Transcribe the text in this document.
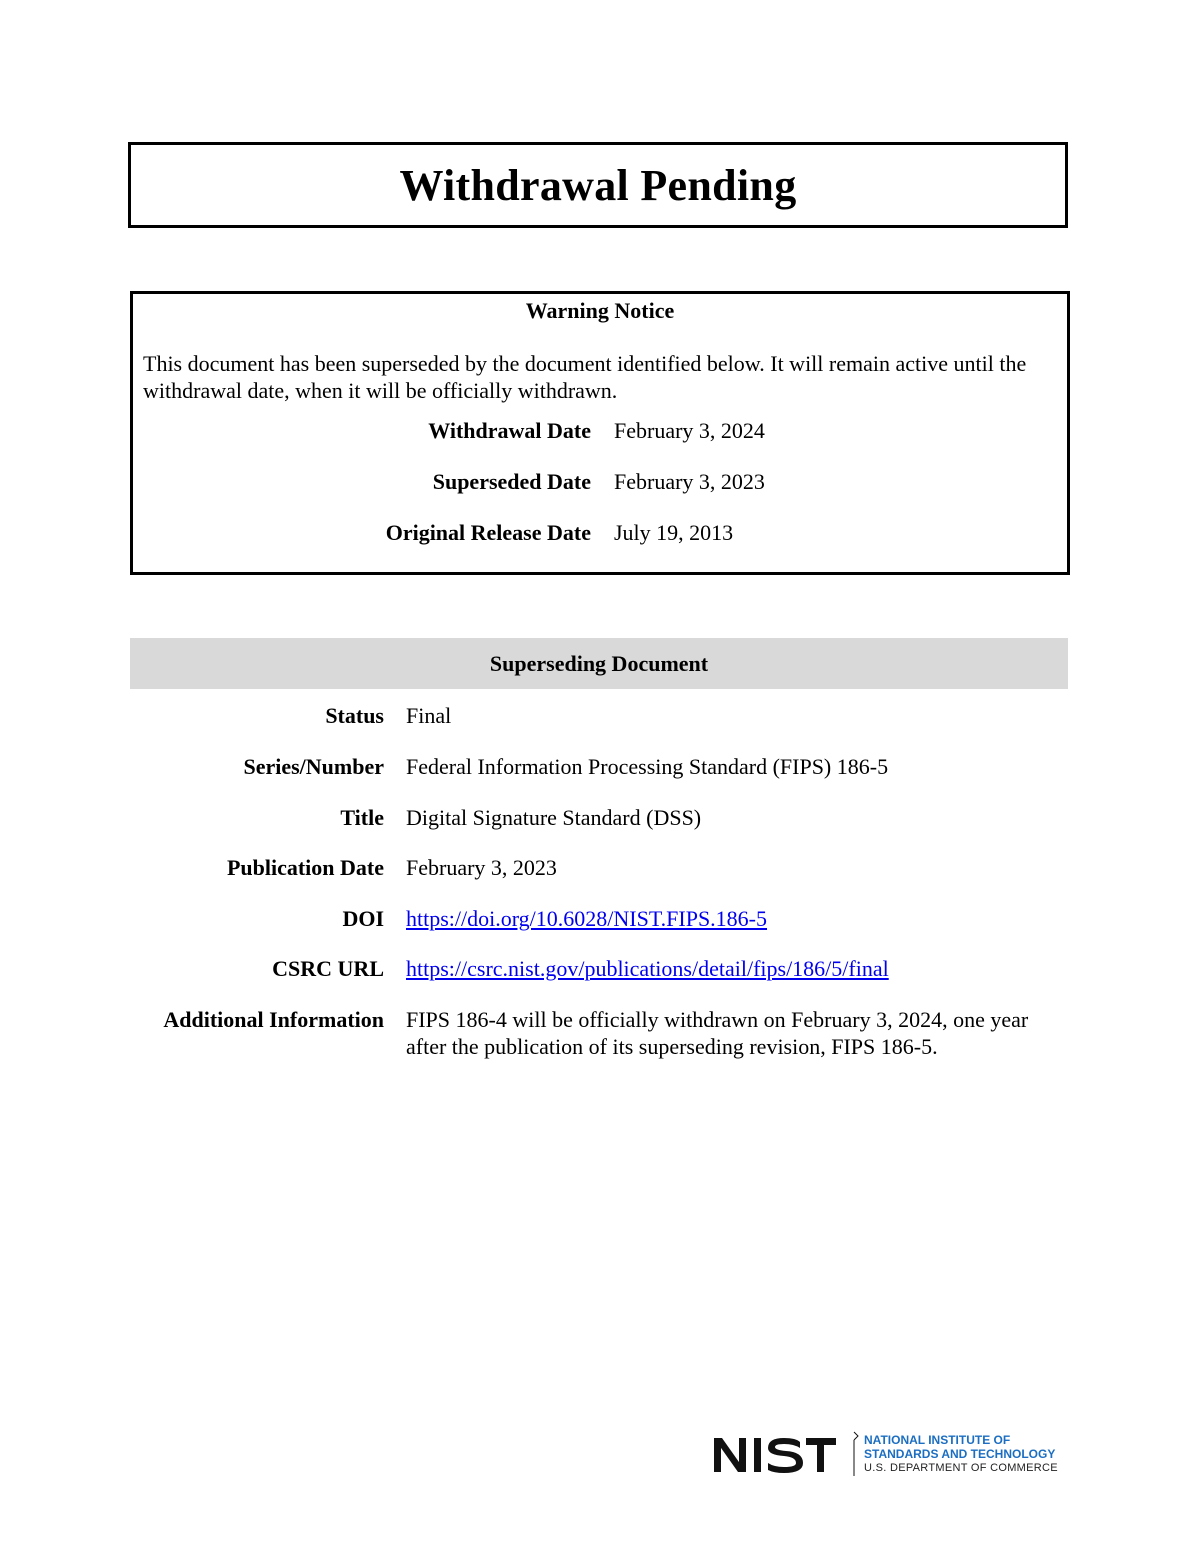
Withdrawal Pending
Warning Notice
This document has been superseded by the document identified below. It will remain active until the withdrawal date, when it will be officially withdrawn.
Withdrawal Date February 3, 2024
Superseded Date February 3, 2023
Original Release Date July 19, 2013
Superseding Document
Status Final
Series/Number Federal Information Processing Standard (FIPS) 186-5
Title Digital Signature Standard (DSS)
Publication Date February 3, 2023
DOI https://doi.org/10.6028/NIST.FIPS.186-5
CSRC URL https://csrc.nist.gov/publications/detail/fips/186/5/final
Additional Information FIPS 186-4 will be officially withdrawn on February 3, 2024, one year after the publication of its superseding revision, FIPS 186-5.
NATIONAL INSTITUTE OF
STANDARDS AND TECHNOLOGY
U.S. DEPARTMENT OF COMMERCE
